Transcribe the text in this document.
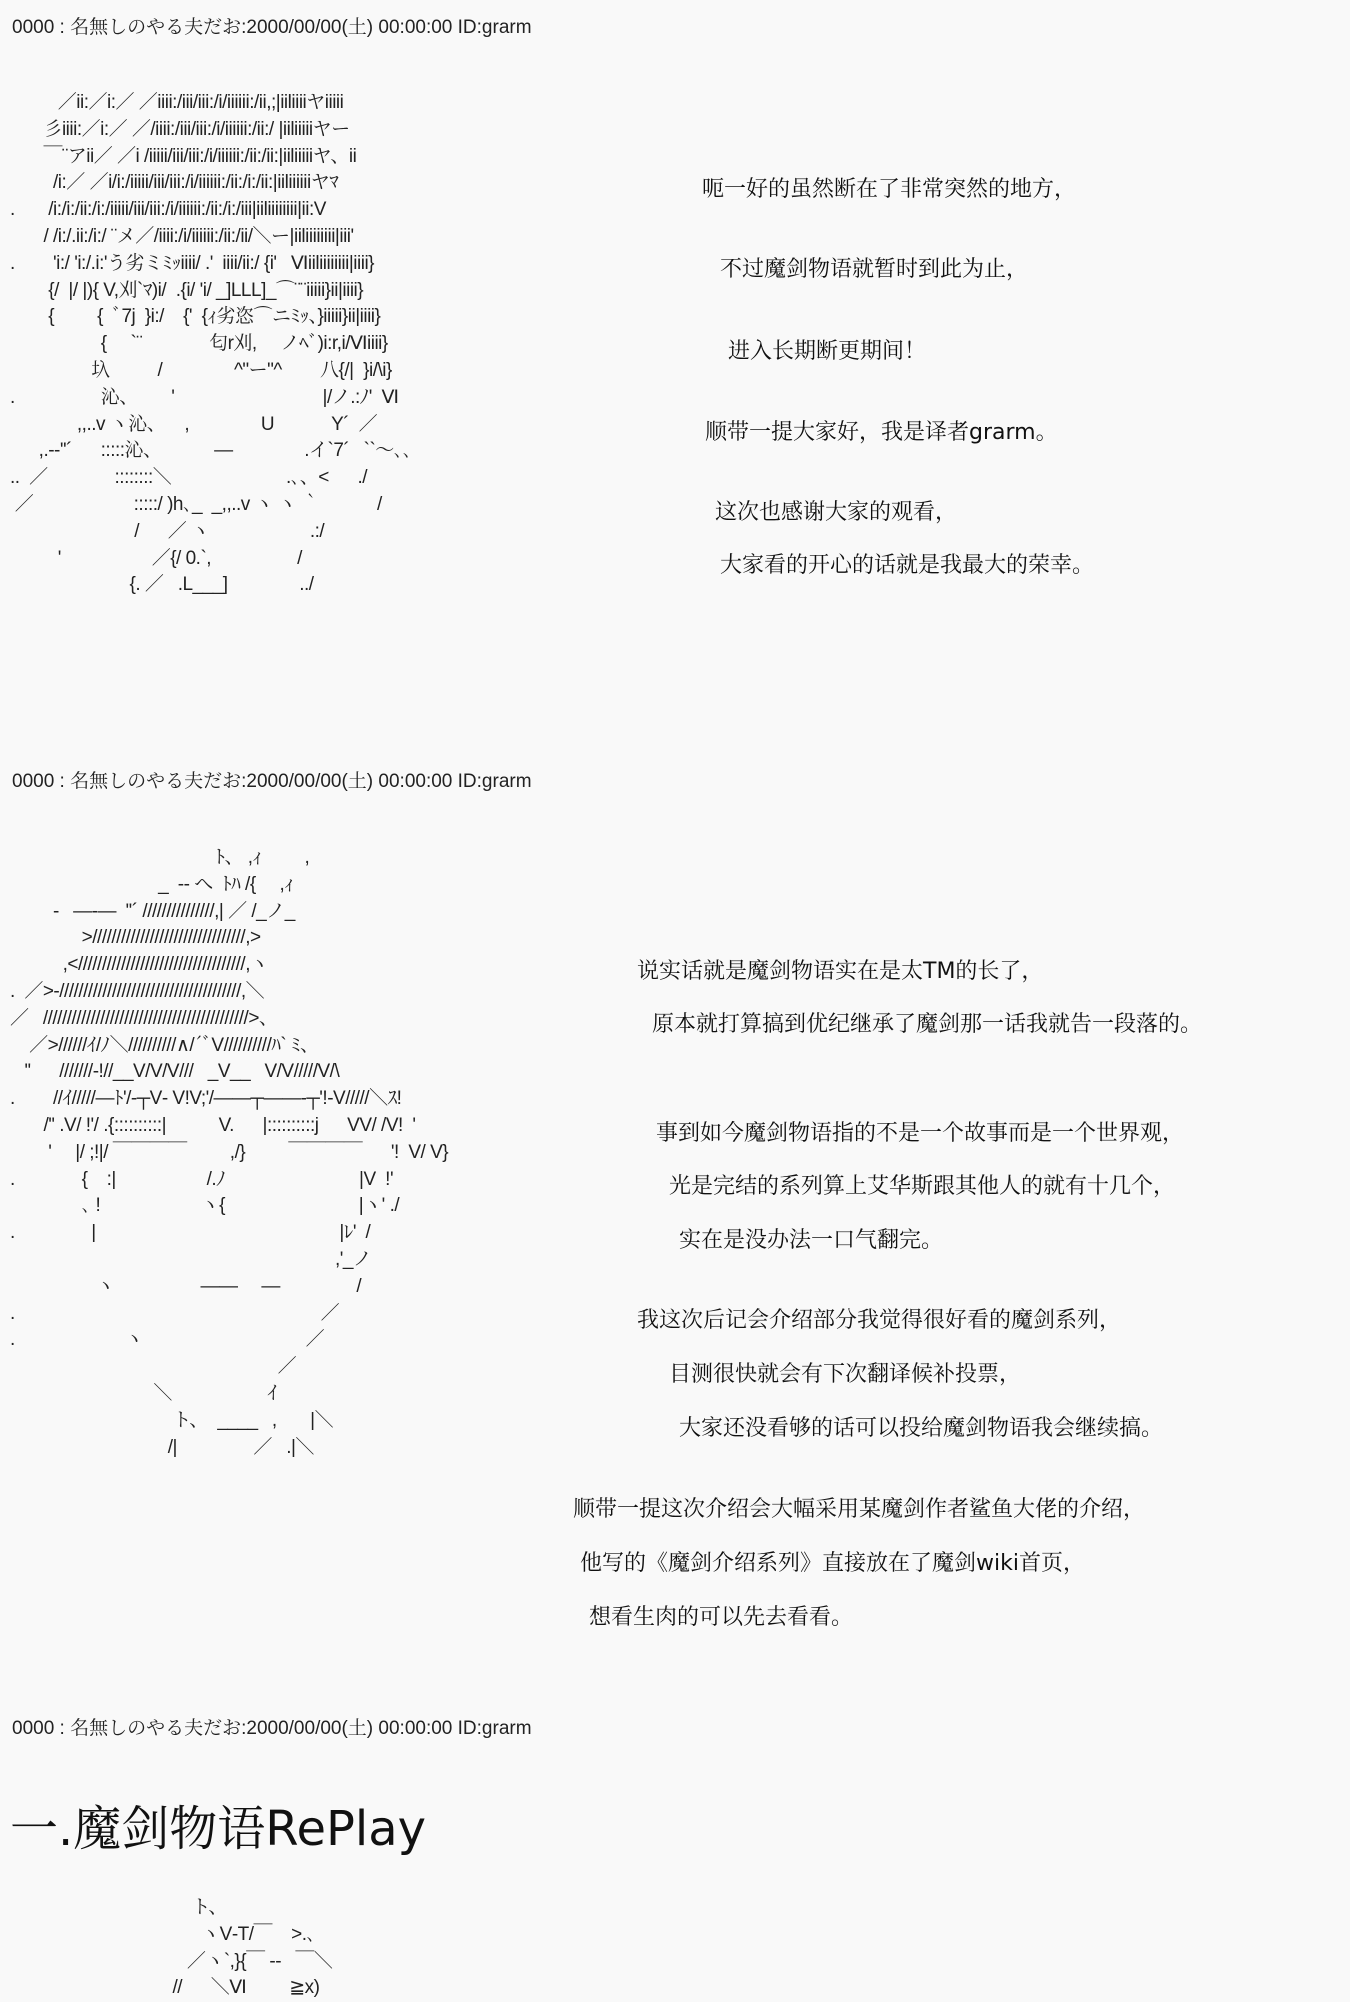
0000 : 名無しのやる夫だお:2000/00/00(土) 00:00:00 ID:grarm
／ii:／i:／ ／iiii:/iii/iii:/i/iiiiii:/ii,;|iiliiiiヤiiiii
彡iiii:／i:／ ／/iiii:/iii/iii:/i/iiiiii:/ii:/ |iiliiiiiヤー
￣¨アii／ ／i /iiiii/iii/iii:/i/iiiiii:/ii:/ii:|iiliiiiiヤ、ii
/i:／ ／i/i:/iiiii/iii/iii:/i/iiiiii:/ii:/i:/ii:|iiliiiiiiヤﾏ
.       /i:/i:/ii:/i:/iiiii/iii/iii:/i/iiiiii:/ii:/i:/iii|iiliiiiiiii|ii:V
/ /i:/.ii:/i:/ ¨メ／/iiii:/i/iiiiii:/ii:/ii/＼ー|iiliiiiiiii|iii'
.        'i:/ 'i:/.i:'う劣ミﾐｯiiii/ .'  iiii/ii:/ {i'   Ⅵiiliiiiiiii|iiii}
{/  |/ |){ V,刈`ﾏ)i/  .{i/ 'i/ _]LLL]_⌒¨¨iiiii}ii|iiii}
{         {  ﾞ7j  }i:/    {'  {ｨ劣恣⌒ニﾐｯ、}iiiii}ii|iiii}
{     `¨              匂r刈,     ノﾍﾞ)i:r,i/Ⅵiiii}
圦          /               ^"ー"^        八{/|  }i/\i}
.                  沁、       '                               |/ノ.:ﾉ'  Ⅵ
,,..v ヽ沁、    ,               U            Y´  ／
,.-‐''´      :::::沁、           ―               .イ`7´   ``～､､
..  ／              ::::::::＼                        .､、<      ./
／                     :::::/ )h､_  _,,..v ヽ ヽ ｀            /
/      ／ ヽ                     .:/
'                   ／{/ 0.`,                  /
{. ／   .L___]               ../
呃一好的虽然断在了非常突然的地方，
不过魔剑物语就暂时到此为止，
进入长期断更期间！
顺带一提大家好，我是译者grarm。
这次也感谢大家的观看，
大家看的开心的话就是我最大的荣幸。
0000 : 名無しのやる夫だお:2000/00/00(土) 00:00:00 ID:grarm
ﾄ、 ,ｨ         ,
_  -- へ  ﾄﾊ /{     ,ｨ
-   ―-―  ''´ ///////////////,| ／ /_ノ_
>////////////////////////////////,>
,<///////////////////////////////////,ヽ
.  ／>‐//////////////////////////////////////,＼
／   ///////////////////////////////////////////>、
／>//////ｲ/ﾉ＼//////////∧/´ﾞV//////////ﾊ` ﾐ、
''      ///////-!//__V/V/V///   _V__   V/V/////V/\
.        //ｲ/////―ﾄ'/‐┬V‐ V!V;'/――┬――‐┬'!‐V/////＼ｽ!
/'' .V/ !'/ .{::::::::::|           V.      |::::::::::j      VV/ /V!  '
'     |/ ;!|/ ￣￣￣￣         ,/}         ￣￣￣￣      '!  V/ V}
.              {    :|                   /.ﾉ                            |V  !'
､ !                     ヽ{                            |ヽ' ./
.                |                                                   |ﾚ'  /
,'_ノ
ヽ                  ――     ―                /
.                                                                ／
.                       ヽ                                  ／
／
＼                    ｲ
ト、  ____   ,       |＼
/|                ／   .|＼
说实话就是魔剑物语实在是太TM的长了，
原本就打算搞到优纪继承了魔剑那一话我就告一段落的。
事到如今魔剑物语指的不是一个故事而是一个世界观，
光是完结的系列算上艾华斯跟其他人的就有十几个，
实在是没办法一口气翻完。
我这次后记会介绍部分我觉得很好看的魔剑系列，
目测很快就会有下次翻译候补投票，
大家还没看够的话可以投给魔剑物语我会继续搞。
顺带一提这次介绍会大幅采用某魔剑作者鲨鱼大佬的介绍，
他写的《魔剑介绍系列》直接放在了魔剑wiki首页，
想看生肉的可以先去看看。
0000 : 名無しのやる夫だお:2000/00/00(土) 00:00:00 ID:grarm
一.魔剑物语RePlay
ト、
ヽV‐T/￣    >.､
／ヽ`,}{￣ --   ￣＼
//      ＼Ⅵ         ≧x)
